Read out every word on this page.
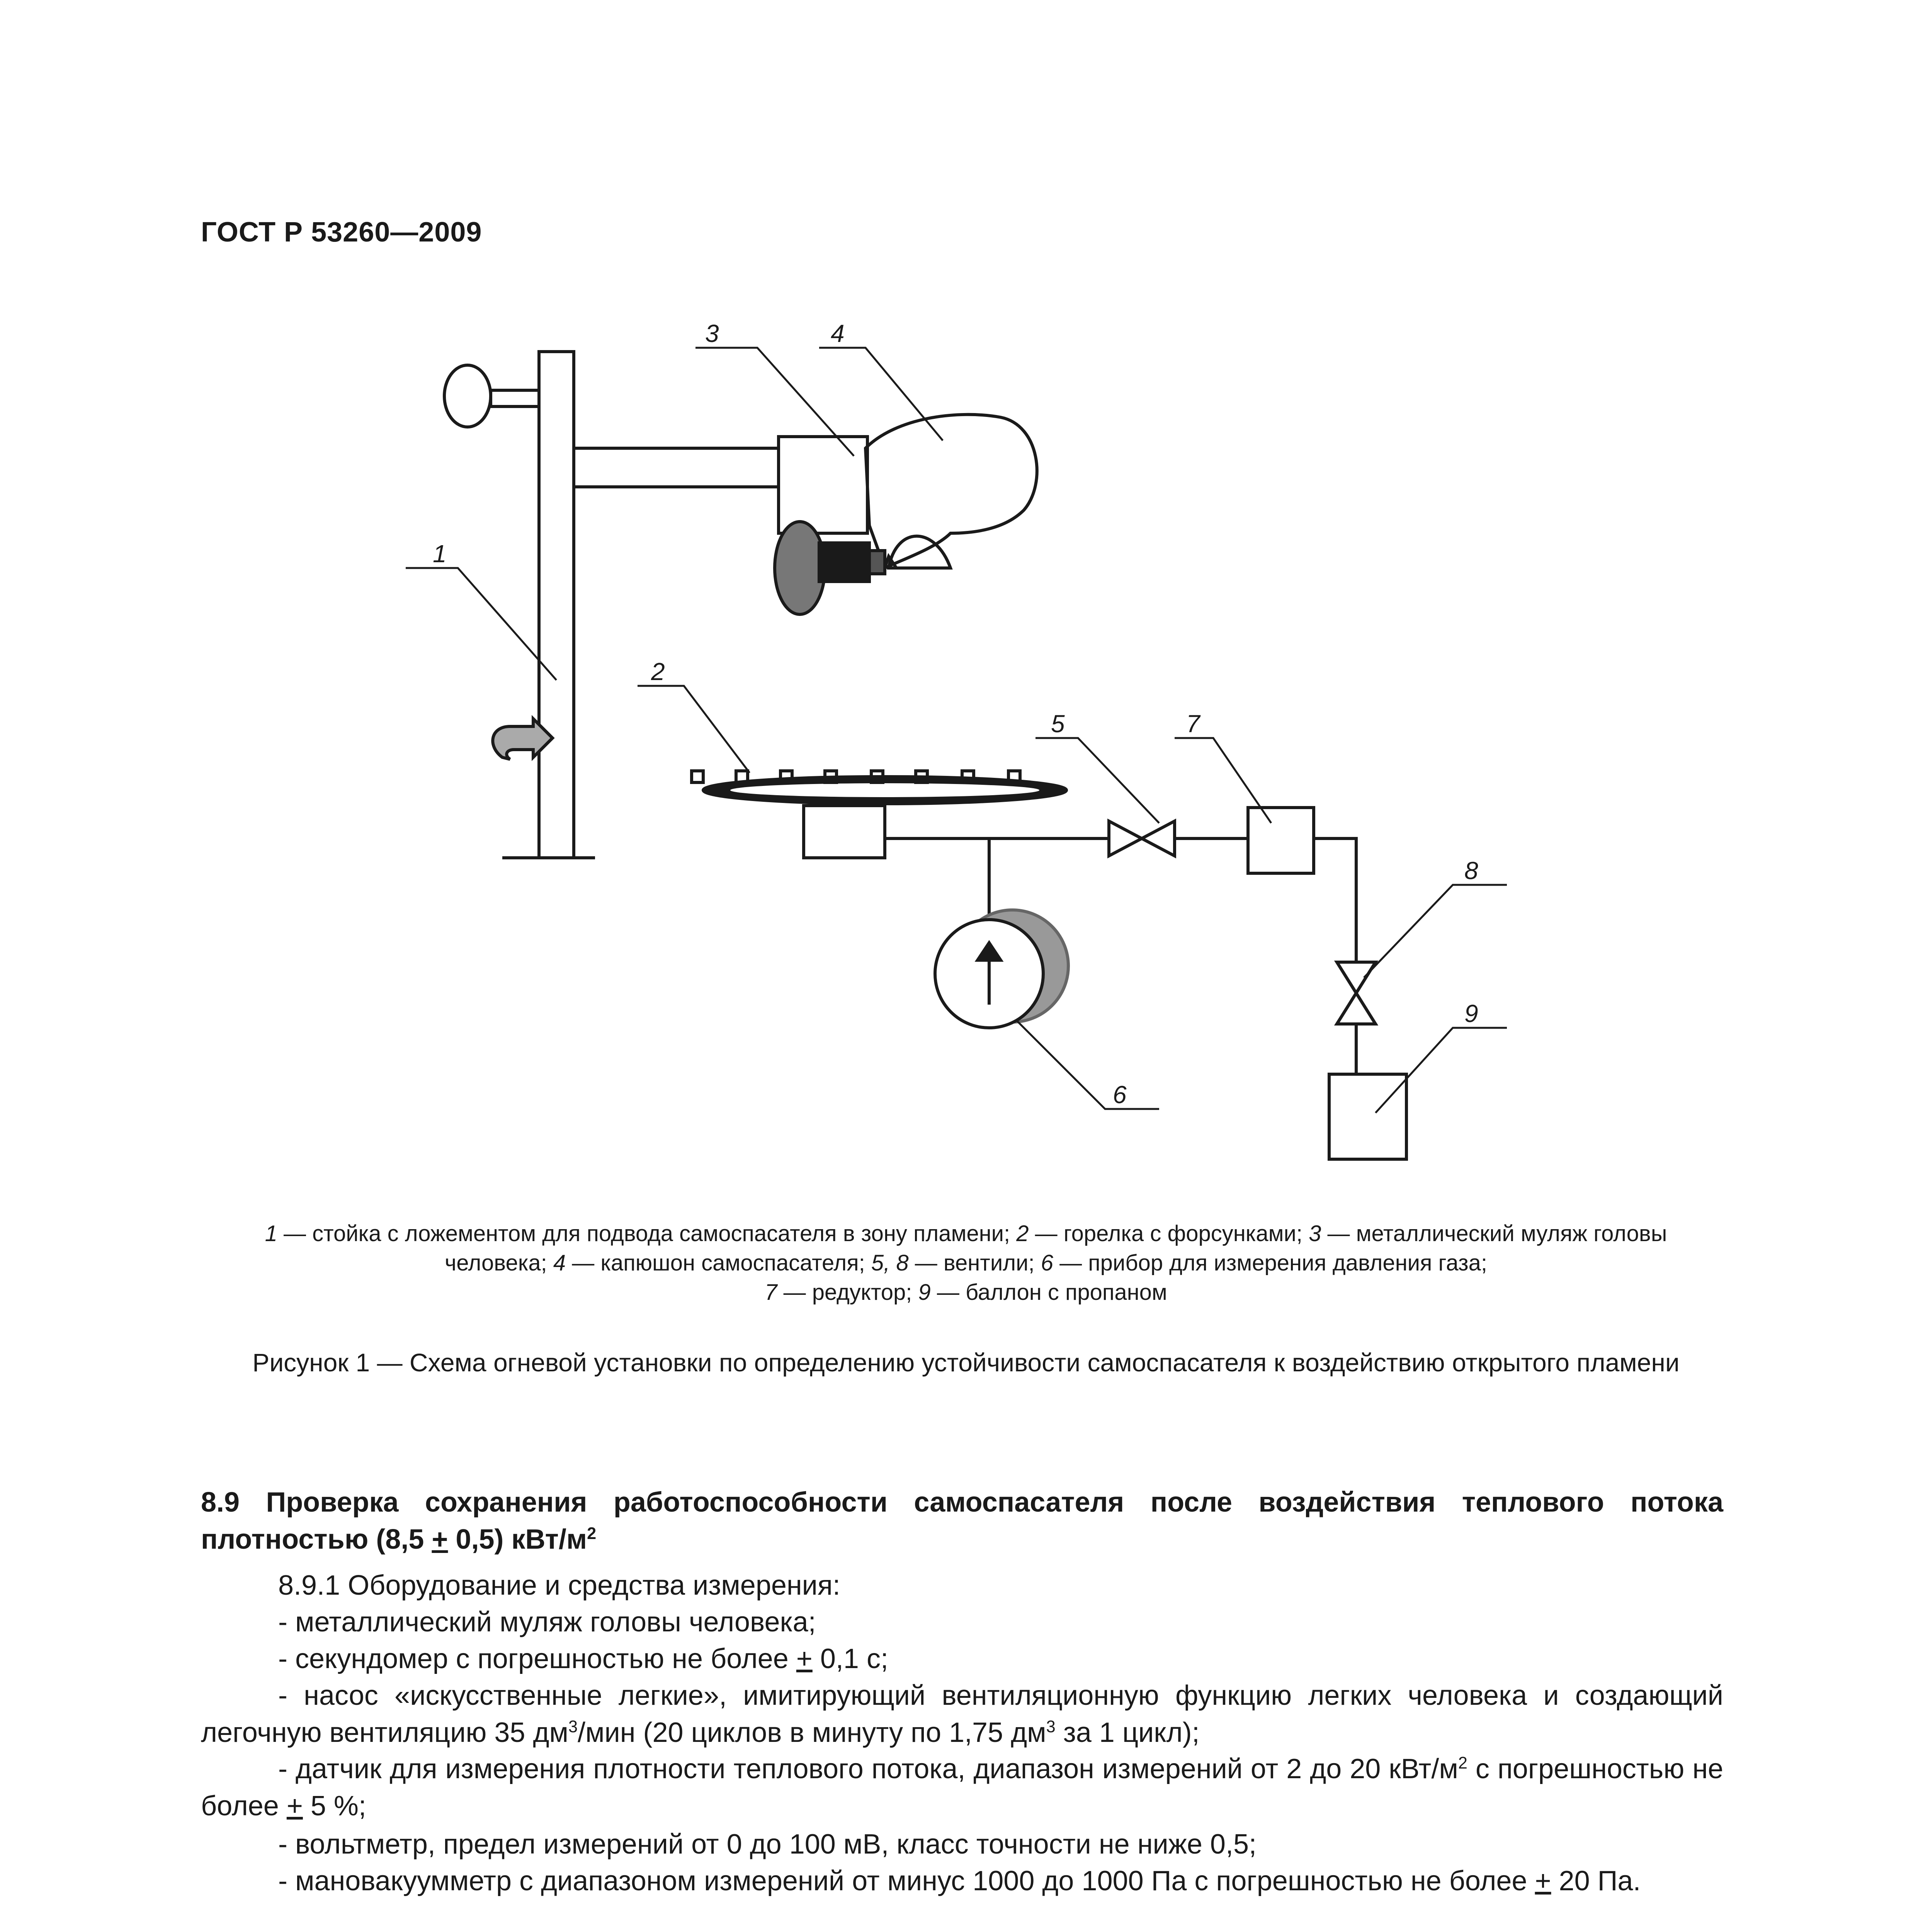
ГОСТ Р 53260—2009
1
2
3	4
5
6
7
8
9
1 — стойка с ложементом для подвода самоспасателя в зону пламени; 2 — горелка с форсунками; 3 — металлический муляж головы человека; 4 — капюшон самоспасателя; 5, 8 — вентили; 6 — прибор для измерения давления газа;
7 — редуктор; 9 — баллон с пропаном
Рисунок 1 — Схема огневой установки по определению устойчивости самоспасателя к воздействию открытого пламени
8.9 Проверка сохранения работоспособности самоспасателя после воздействия теплового потока плотностью (8,5 + 0,5) кВт/$м^2$
8.9.1 Оборудование и средства измерения:
- металлический муляж головы человека;
- секундомер с погрешностью не более + 0,1 с;
- насос «искусственные легкие», имитирующий вентиляционную функцию легких человека и создающий легочную вентиляцию 35 $дм^3$/мин (20 циклов в минуту по 1,75 $дм^3$ за 1 цикл);
- датчик для измерения плотности теплового потока, диапазон измерений от 2 до 20 кВт/$м^2$ с погрешностью не более + 5 %;
- вольтметр, предел измерений от 0 до 100 мВ, класс точности не ниже 0,5;
- мановакуумметр с диапазоном измерений от минус 1000 до 1000 Па с погрешностью не более + 20 Па.
